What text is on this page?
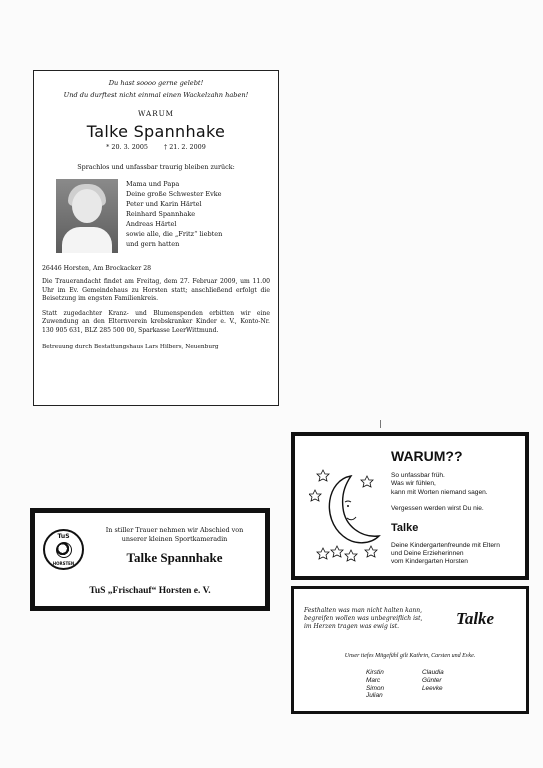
Du hast soooo gerne gelebt!

Und du durftest nicht einmal einen Wackelzahn haben!

WARUM

Talke Spannhake

* 20. 3. 2005	† 21. 2. 2009
Sprachlos und unfassbar traurig bleiben zurück:
Mama und Papa
Deine große Schwester Evke
Peter und Karin Härtel
Reinhard Spannhake
Andreas Härtel
sowie alle, die „Fritz“ liebten
und gern hatten
26446 Horsten, Am Brockacker 28
Die Trauerandacht findet am Freitag, dem 27. Februar 2009, um 11.00 Uhr im Ev. Gemeindehaus zu Horsten statt; anschließend erfolgt die Beisetzung im engsten Familienkreis.
Statt zugedachter Kranz- und Blumenspenden erbitten wir eine Zuwendung an den Elternverein krebskranker Kinder e. V., Konto-Nr. 130 905 631, BLZ 285 500 00, Sparkasse LeerWittmund.
Betreuung durch Bestattungshaus Lars Hilbers, Neuenburg
TuS
HORSTEN

In stiller Trauer nehmen wir Abschied von

unserer kleinen Sportkameradin

Talke Spannhake
TuS „Frischauf“ Horsten e. V.

WARUM??

So unfassbar früh.

Was wir fühlen,

kann mit Worten niemand sagen.

Vergessen werden wirst Du nie.

Talke

Deine Kindergartenfreunde mit Eltern

und Deine Erzieherinnen

vom Kindergarten Horsten

Festhalten was man nicht halten kann,
begreifen wollen was unbegreiflich ist,
im Herzen tragen was ewig ist.	Talke
Unser tiefes Mitgefühl gilt Kathrin, Carsten und Evke.
Kirstin
Marc
Simon
Julian
Claudia
Günter
Leevke
